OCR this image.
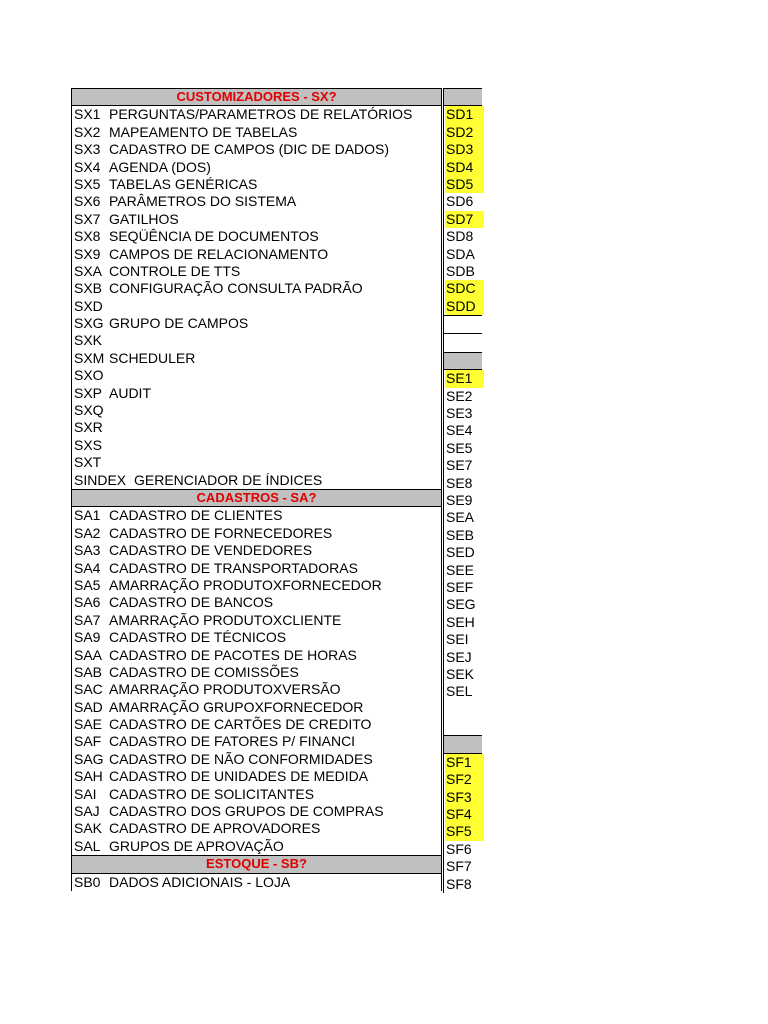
CUSTOMIZADORES - SX?
SX1 PERGUNTAS/PARAMETROS DE RELATÓRIOS
SX2 MAPEAMENTO DE TABELAS
SX3 CADASTRO DE CAMPOS (DIC DE DADOS)
SX4 AGENDA (DOS)
SX5 TABELAS GENÉRICAS
SX6 PARÂMETROS DO SISTEMA
SX7 GATILHOS
SX8 SEQÜÊNCIA DE DOCUMENTOS
SX9 CAMPOS DE RELACIONAMENTO
SXA CONTROLE DE TTS
SXB CONFIGURAÇÃO CONSULTA PADRÃO
SXD
SXG GRUPO DE CAMPOS
SXK
SXM SCHEDULER
SXO
SXP AUDIT
SXQ
SXR
SXS
SXT
SINDEX GERENCIADOR DE ÍNDICES
CADASTROS - SA?
SA1 CADASTRO DE CLIENTES
SA2 CADASTRO DE FORNECEDORES
SA3 CADASTRO DE VENDEDORES
SA4 CADASTRO DE TRANSPORTADORAS
SA5 AMARRAÇÃO PRODUTOXFORNECEDOR
SA6 CADASTRO DE BANCOS
SA7 AMARRAÇÃO PRODUTOXCLIENTE
SA9 CADASTRO DE TÉCNICOS
SAA CADASTRO DE PACOTES DE HORAS
SAB CADASTRO DE COMISSÕES
SAC AMARRAÇÃO PRODUTOXVERSÃO
SAD AMARRAÇÃO GRUPOXFORNECEDOR
SAE CADASTRO DE CARTÕES DE CREDITO
SAF CADASTRO DE FATORES P/ FINANCI
SAG CADASTRO DE NÃO CONFORMIDADES
SAH CADASTRO DE UNIDADES DE MEDIDA
SAI CADASTRO DE SOLICITANTES
SAJ CADASTRO DOS GRUPOS DE COMPRAS
SAK CADASTRO DE APROVADORES
SAL GRUPOS DE APROVAÇÃO
ESTOQUE - SB?
SB0 DADOS ADICIONAIS - LOJA
SD1
SD2
SD3
SD4
SD5
SD6
SD7
SD8
SDA
SDB
SDC
SDD
SE1
SE2
SE3
SE4
SE5
SE7
SE8
SE9
SEA
SEB
SED
SEE
SEF
SEG
SEH
SEI
SEJ
SEK
SEL
SF1
SF2
SF3
SF4
SF5
SF6
SF7
SF8
